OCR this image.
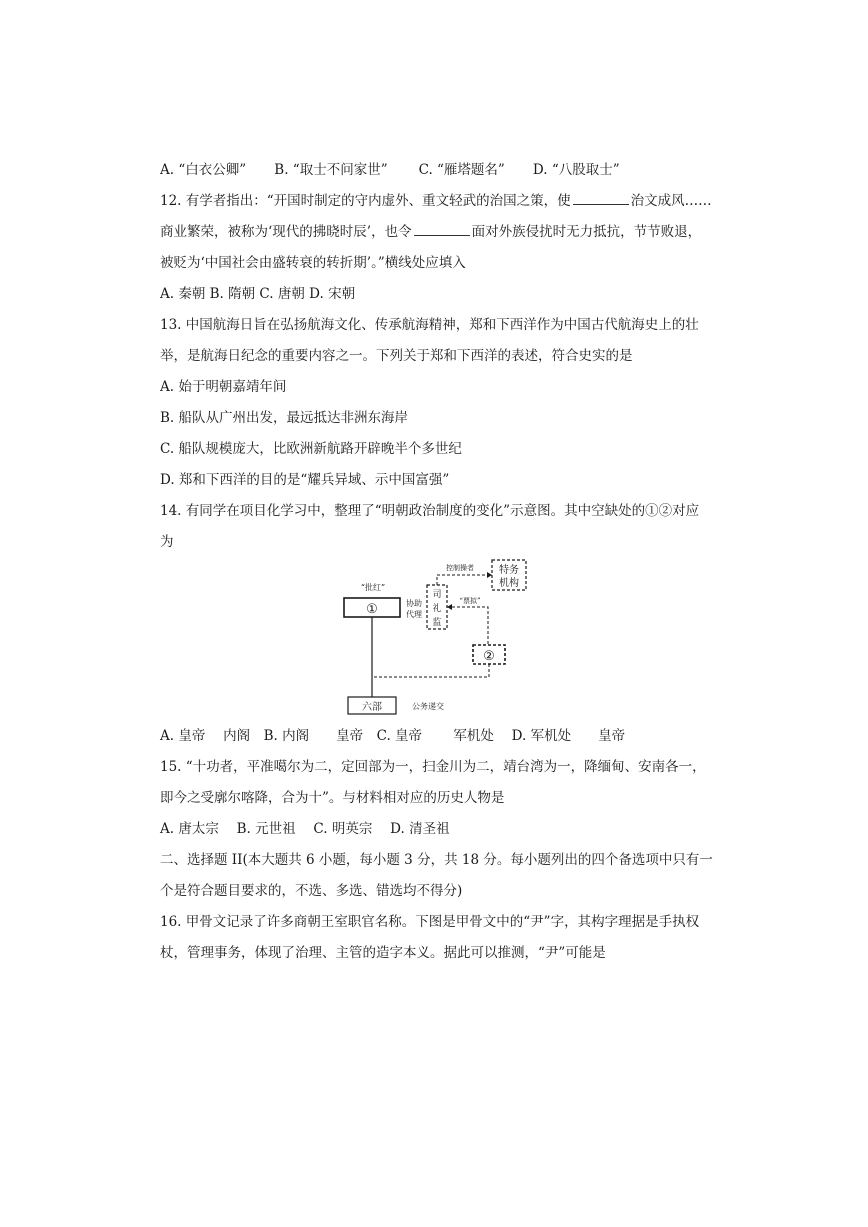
A. “白衣公卿” B. “取士不问家世” C. “雁塔题名” D. “八股取士”
12. 有学者指出：“开国时制定的守内虚外、重文轻武的治国之策，使	治文成风……
商业繁荣，被称为‘现代的拂晓时辰’，也令	面对外族侵扰时无力抵抗，节节败退，
被贬为‘中国社会由盛转衰的转折期’。”横线处应填入
A. 秦朝 B. 隋朝 C. 唐朝 D. 宋朝
13. 中国航海日旨在弘扬航海文化、传承航海精神，郑和下西洋作为中国古代航海史上的壮
举，是航海日纪念的重要内容之一。下列关于郑和下西洋的表述，符合史实的是
A. 始于明朝嘉靖年间
B. 船队从广州出发，最远抵达非洲东海岸
C. 船队规模庞大，比欧洲新航路开辟晚半个多世纪
D. 郑和下西洋的目的是“耀兵异域、示中国富强”
14. 有同学在项目化学习中，整理了“明朝政治制度的变化”示意图。其中空缺处的①②对应
为
“批红”
①	协助
代理
司
礼
监
控制操者	特务
机构
“票拟”
②
六部	公务递交
A. 皇帝　 内阁　B. 内阁　　皇帝　C. 皇帝　　 军机处　 D. 军机处　　皇帝
15. “十功者，平准噶尔为二，定回部为一，扫金川为二，靖台湾为一，降缅甸、安南各一，
即今之受廓尔喀降，合为十”。与材料相对应的历史人物是
A. 唐太宗　 B. 元世祖　 C. 明英宗　 D. 清圣祖
二、选择题 II(本大题共 6 小题，每小题 3 分，共 18 分。每小题列出的四个备选项中只有一
个是符合题目要求的，不选、多选、错选均不得分)
16. 甲骨文记录了许多商朝王室职官名称。下图是甲骨文中的“尹”字，其构字理据是手执权
杖，管理事务，体现了治理、主管的造字本义。据此可以推测，“尹”可能是
